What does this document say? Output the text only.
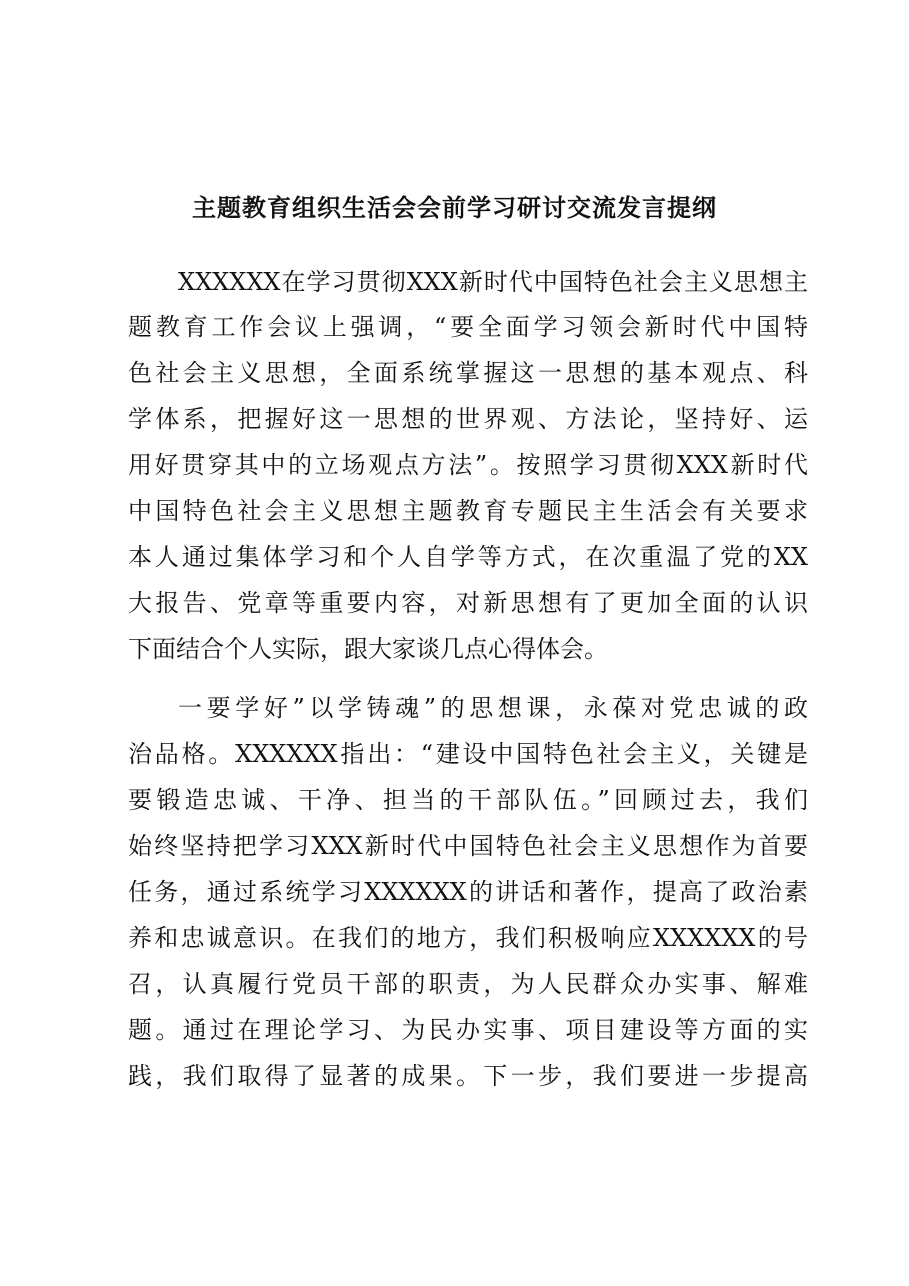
主题教育组织生活会会前学习研讨交流发言提纲
XXXXXX在学习贯彻XXX新时代中国特色社会主义思想主
题教育工作会议上强调，“要全面学习领会新时代中国特
色社会主义思想，全面系统掌握这一思想的基本观点、科
学体系，把握好这一思想的世界观、方法论，坚持好、运
用好贯穿其中的立场观点方法”。按照学习贯彻XXX新时代
中国特色社会主义思想主题教育专题民主生活会有关要求
本人通过集体学习和个人自学等方式，在次重温了党的XX
大报告、党章等重要内容，对新思想有了更加全面的认识
下面结合个人实际，跟大家谈几点心得体会。
一要学好”以学铸魂”的思想课，永葆对党忠诚的政
治品格。XXXXXX指出：“建设中国特色社会主义，关键是
要锻造忠诚、干净、担当的干部队伍。”回顾过去，我们
始终坚持把学习XXX新时代中国特色社会主义思想作为首要
任务，通过系统学习XXXXXX的讲话和著作，提高了政治素
养和忠诚意识。在我们的地方，我们积极响应XXXXXX的号
召，认真履行党员干部的职责，为人民群众办实事、解难
题。通过在理论学习、为民办实事、项目建设等方面的实
践，我们取得了显著的成果。下一步，我们要进一步提高
